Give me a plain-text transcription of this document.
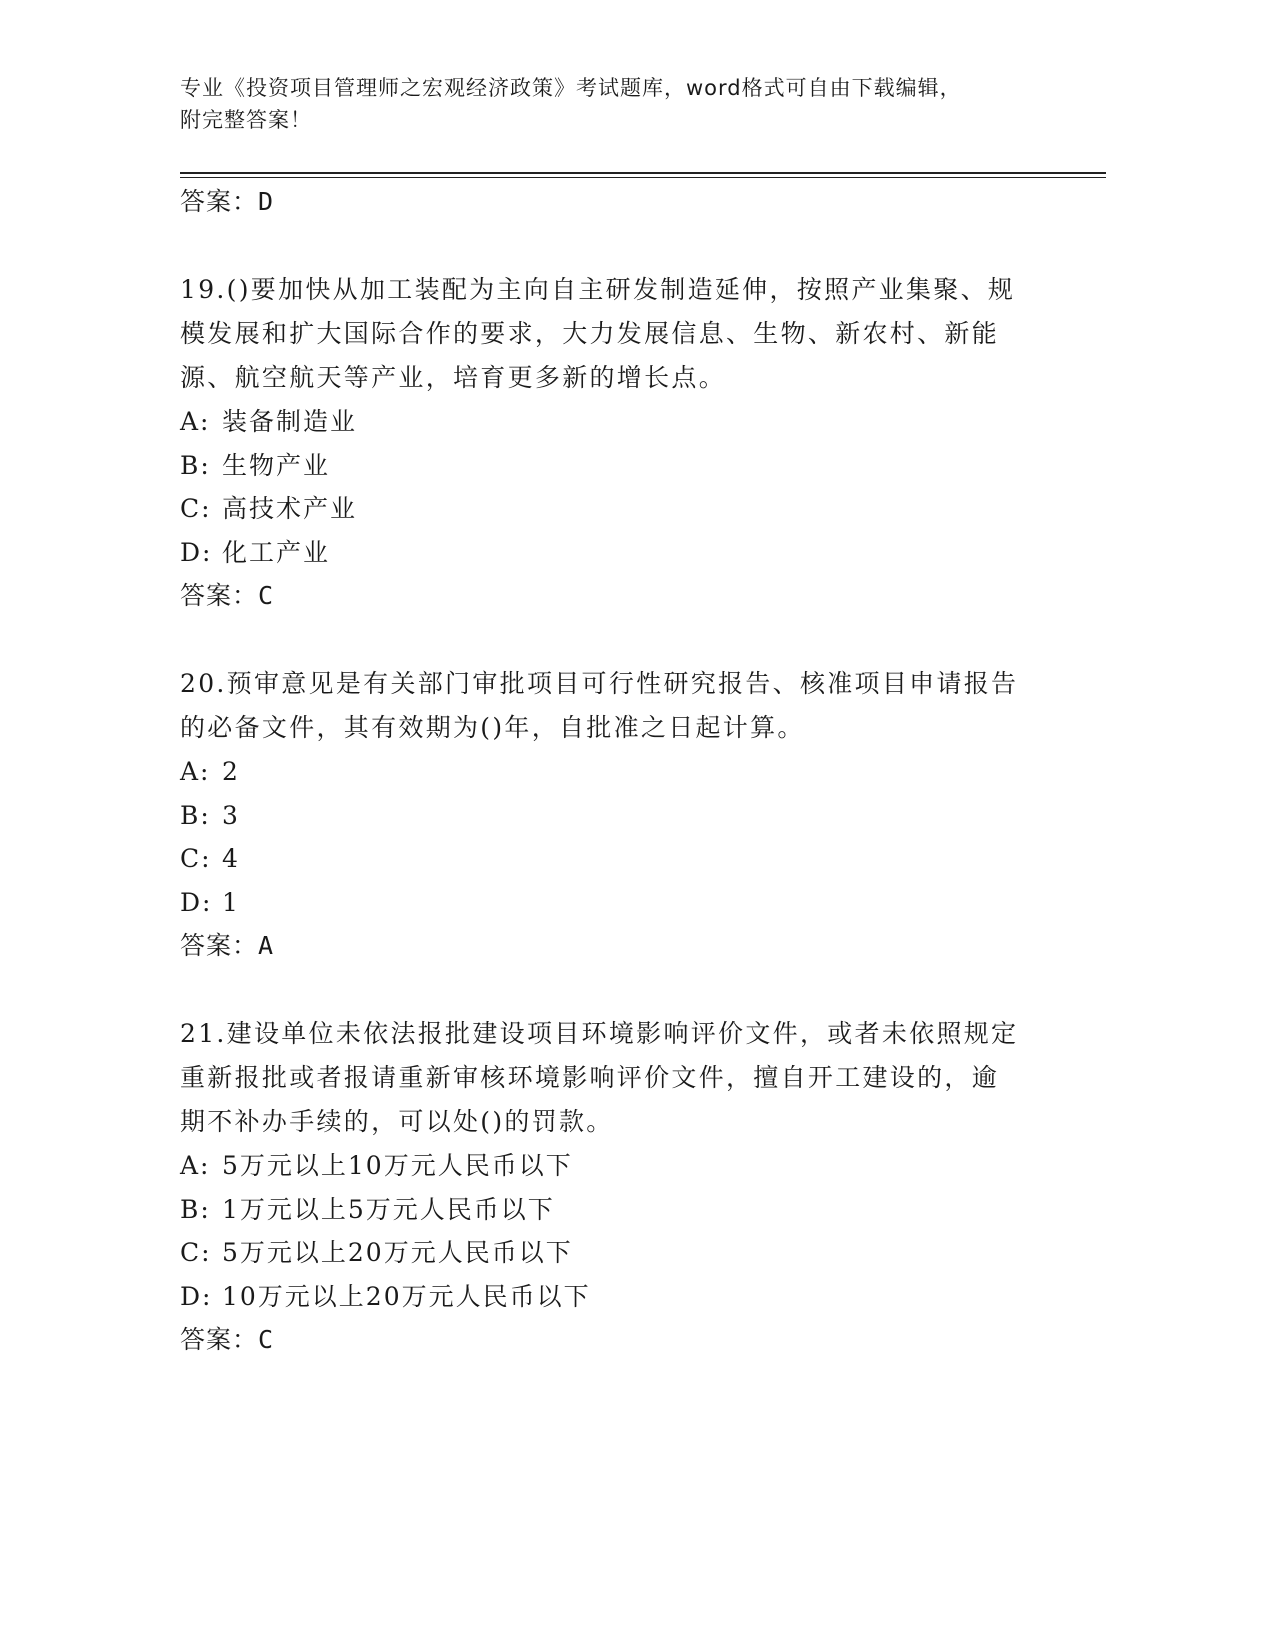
专业《投资项目管理师之宏观经济政策》考试题库，word格式可自由下载编辑，
附完整答案！
答案：D
19.()要加快从加工装配为主向自主研发制造延伸，按照产业集聚、规
模发展和扩大国际合作的要求，大力发展信息、生物、新农村、新能
源、航空航天等产业，培育更多新的增长点。
A: 装备制造业
B: 生物产业
C: 高技术产业
D: 化工产业
答案：C
20.预审意见是有关部门审批项目可行性研究报告、核准项目申请报告
的必备文件，其有效期为()年，自批准之日起计算。
A: 2
B: 3
C: 4
D: 1
答案：A
21.建设单位未依法报批建设项目环境影响评价文件，或者未依照规定
重新报批或者报请重新审核环境影响评价文件，擅自开工建设的，逾
期不补办手续的，可以处()的罚款。
A: 5万元以上10万元人民币以下
B: 1万元以上5万元人民币以下
C: 5万元以上20万元人民币以下
D: 10万元以上20万元人民币以下
答案：C
